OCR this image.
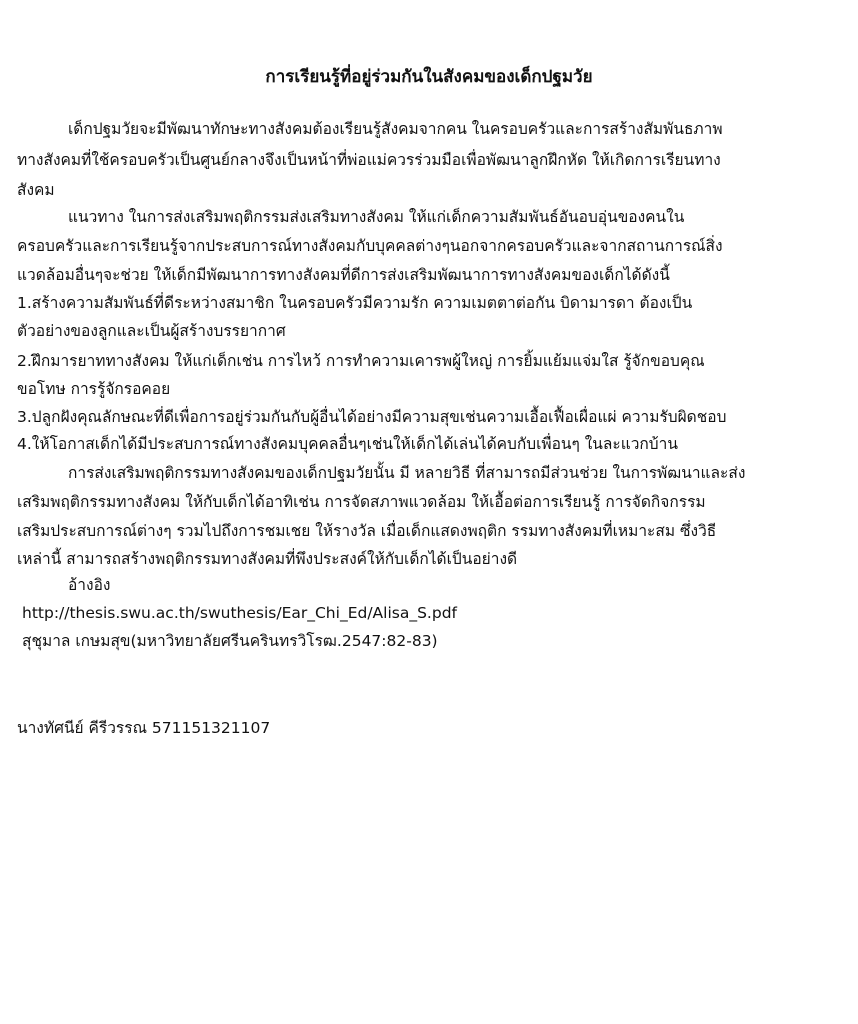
การเรียนรู้ที่อยู่ร่วมกันในสังคมของเด็กปฐมวัย
เด็กปฐมวัยจะมีพัฒนาทักษะทางสังคมต้องเรียนรู้สังคมจากคน ในครอบครัวและการสร้างสัมพันธภาพ
ทางสังคมที่ใช้ครอบครัวเป็นศูนย์กลางจึงเป็นหน้าที่พ่อแม่ควรร่วมมือเพื่อพัฒนาลูกฝึกหัด ให้เกิดการเรียนทาง
สังคม
แนวทาง ในการส่งเสริมพฤติกรรมส่งเสริมทางสังคม ให้แก่เด็กความสัมพันธ์อันอบอุ่นของคนใน
ครอบครัวและการเรียนรู้จากประสบการณ์ทางสังคมกับบุคคลต่างๆนอกจากครอบครัวและจากสถานการณ์สิ่ง
แวดล้อมอื่นๆจะช่วย ให้เด็กมีพัฒนาการทางสังคมที่ดีการส่งเสริมพัฒนาการทางสังคมของเด็กได้ดังนี้
1.สร้างความสัมพันธ์ที่ดีระหว่างสมาชิก ในครอบครัวมีความรัก ความเมตตาต่อกัน บิดามารดา ต้องเป็น
ตัวอย่างของลูกและเป็นผู้สร้างบรรยากาศ
2.ฝึกมารยาททางสังคม ให้แก่เด็กเช่น การไหว้ การทำความเคารพผู้ใหญ่ การยิ้มแย้มแจ่มใส รู้จักขอบคุณ
ขอโทษ การรู้จักรอคอย
3.ปลูกฝังคุณลักษณะที่ดีเพื่อการอยู่ร่วมกันกับผู้อื่นได้อย่างมีความสุขเช่นความเอื้อเฟื้อเผื่อแผ่ ความรับผิดชอบ
4.ให้โอกาสเด็กได้มีประสบการณ์ทางสังคมบุคคลอื่นๆเช่นให้เด็กได้เล่นได้คบกับเพื่อนๆ ในละแวกบ้าน
การส่งเสริมพฤติกรรมทางสังคมของเด็กปฐมวัยนั้น มี หลายวิธี ที่สามารถมีส่วนช่วย ในการพัฒนาและส่ง
เสริมพฤติกรรมทางสังคม ให้กับเด็กได้อาทิเช่น การจัดสภาพแวดล้อม ให้เอื้อต่อการเรียนรู้ การจัดกิจกรรม
เสริมประสบการณ์ต่างๆ รวมไปถึงการชมเชย ให้รางวัล เมื่อเด็กแสดงพฤติก รรมทางสังคมที่เหมาะสม ซึ่งวิธี
เหล่านี้ สามารถสร้างพฤติกรรมทางสังคมที่พึงประสงค์ให้กับเด็กได้เป็นอย่างดี
อ้างอิง
http://thesis.swu.ac.th/swuthesis/Ear_Chi_Ed/Alisa_S.pdf
สุชุมาล เกษมสุข(มหาวิทยาลัยศรีนครินทรวิโรฒ.2547:82-83)
นางทัศนีย์ คีรีวรรณ 571151321107
